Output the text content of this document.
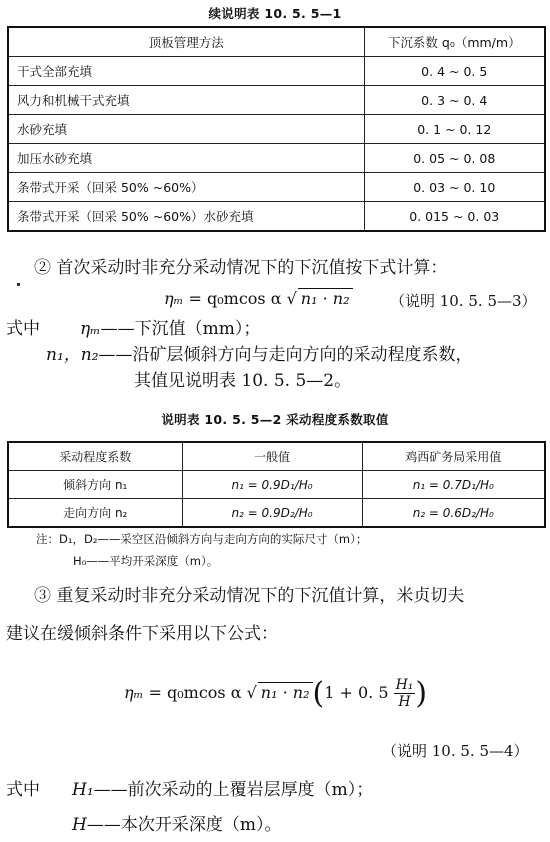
续说明表 10. 5. 5—1
顶板管理方法	下沉系数 q₀（mm/m）
干式全部充填	0. 4 ~ 0. 5
风力和机械干式充填	0. 3 ~ 0. 4
水砂充填	0. 1 ~ 0. 12
加压水砂充填	0. 05 ~ 0. 08
条带式开采（回采 50% ~60%）	0. 03 ~ 0. 10
条带式开采（回采 50% ~60%）水砂充填	0. 015 ~ 0. 03
② 首次采动时非充分采动情况下的下沉值按下式计算：
ηₘ = q₀mcos α √ n₁ · n₂	（说明 10. 5. 5—3）
式中 ηₘ——下沉值（mm）；
n₁，n₂——沿矿层倾斜方向与走向方向的采动程度系数，
其值见说明表 10. 5. 5—2。
说明表 10. 5. 5—2 采动程度系数取值
采动程度系数	一般值	鸡西矿务局采用值
倾斜方向 n₁	n₁ = 0.9D₁/H₀	n₁ = 0.7D₁/H₀
走向方向 n₂	n₂ = 0.9D₂/H₀	n₂ = 0.6D₂/H₀
注：D₁，D₂——采空区沿倾斜方向与走向方向的实际尺寸（m）；
H₀——平均开采深度（m）。
③ 重复采动时非充分采动情况下的下沉值计算，米贞切夫
建议在缓倾斜条件下采用以下公式：
ηₘ = q₀mcos α √ n₁ · n₂ (1 + 0. $5 \frac{\text{H₁}}{H}$ )
（说明 10. 5. 5—4）
式中 H₁——前次采动的上覆岩层厚度（m）；
H——本次开采深度（m）。
